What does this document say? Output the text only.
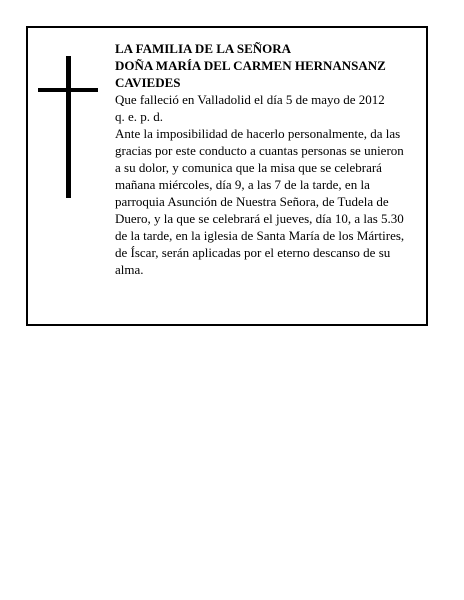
LA FAMILIA DE LA SEÑORA

DOÑA MARÍA DEL CARMEN HERNANSANZ CAVIEDES

Que falleció en Valladolid el día 5 de mayo de 2012

q. e. p. d.

Ante la imposibilidad de hacerlo personalmente, da las gracias por este conducto a cuantas personas se unieron a su dolor, y comunica que la misa que se celebrará mañana miércoles, día 9, a las 7 de la tarde, en la parroquia Asunción de Nuestra Señora, de Tudela de Duero, y la que se celebrará el jueves, día 10, a las 5.30 de la tarde, en la iglesia de Santa María de los Mártires, de Íscar, serán aplicadas por el eterno descanso de su alma.
